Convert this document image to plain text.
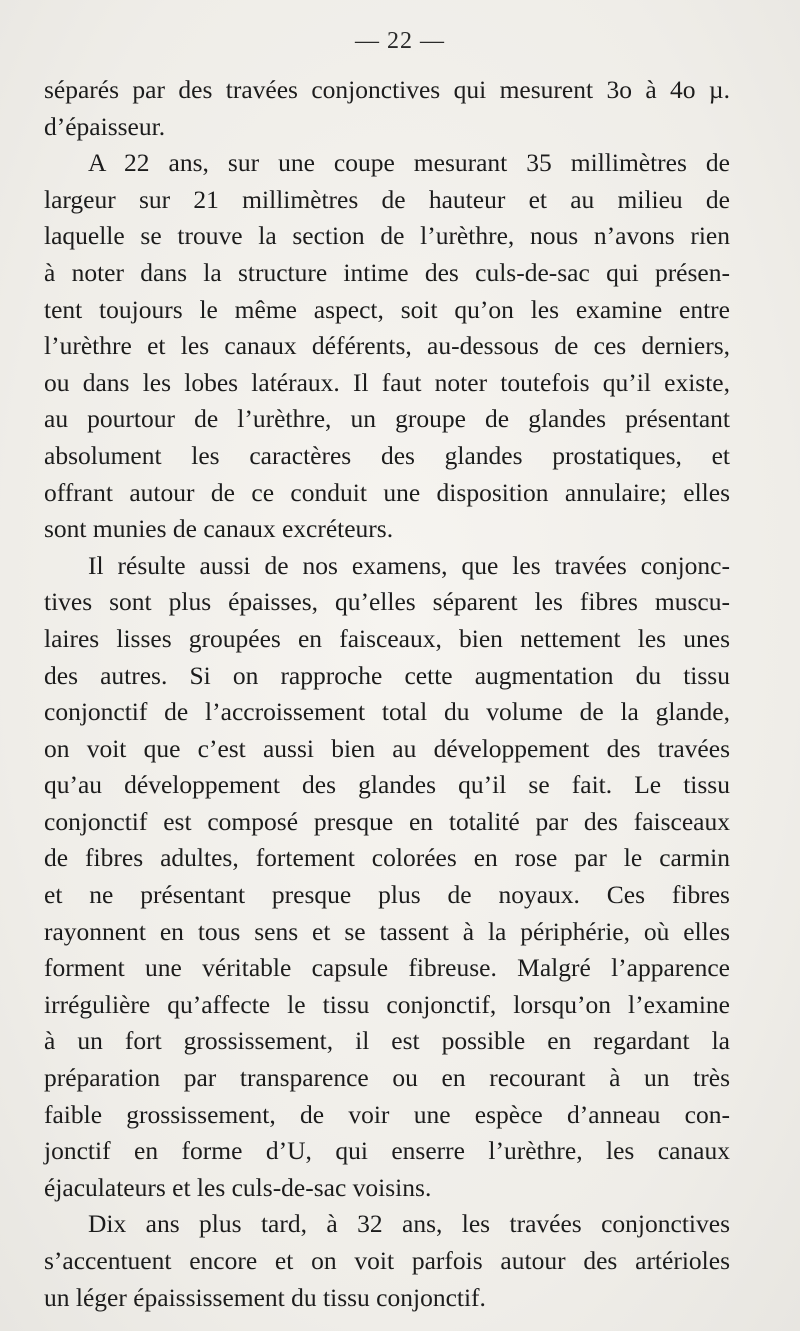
— 22 —
séparés par des travées conjonctives qui mesurent 3o à 4o µ.
d’épaisseur.
A 22 ans, sur une coupe mesurant 35 millimètres de
largeur sur 21 millimètres de hauteur et au milieu de
laquelle se trouve la section de l’urèthre, nous n’avons rien
à noter dans la structure intime des culs-de-sac qui présen-
tent toujours le même aspect, soit qu’on les examine entre
l’urèthre et les canaux déférents, au-dessous de ces derniers,
ou dans les lobes latéraux. Il faut noter toutefois qu’il existe,
au pourtour de l’urèthre, un groupe de glandes présentant
absolument les caractères des glandes prostatiques, et
offrant autour de ce conduit une disposition annulaire; elles
sont munies de canaux excréteurs.
Il résulte aussi de nos examens, que les travées conjonc-
tives sont plus épaisses, qu’elles séparent les fibres muscu-
laires lisses groupées en faisceaux, bien nettement les unes
des autres. Si on rapproche cette augmentation du tissu
conjonctif de l’accroissement total du volume de la glande,
on voit que c’est aussi bien au développement des travées
qu’au développement des glandes qu’il se fait. Le tissu
conjonctif est composé presque en totalité par des faisceaux
de fibres adultes, fortement colorées en rose par le carmin
et ne présentant presque plus de noyaux. Ces fibres
rayonnent en tous sens et se tassent à la périphérie, où elles
forment une véritable capsule fibreuse. Malgré l’apparence
irrégulière qu’affecte le tissu conjonctif, lorsqu’on l’examine
à un fort grossissement, il est possible en regardant la
préparation par transparence ou en recourant à un très
faible grossissement, de voir une espèce d’anneau con-
jonctif en forme d’U, qui enserre l’urèthre, les canaux
éjaculateurs et les culs-de-sac voisins.
Dix ans plus tard, à 32 ans, les travées conjonctives
s’accentuent encore et on voit parfois autour des artérioles
un léger épaississement du tissu conjonctif.
